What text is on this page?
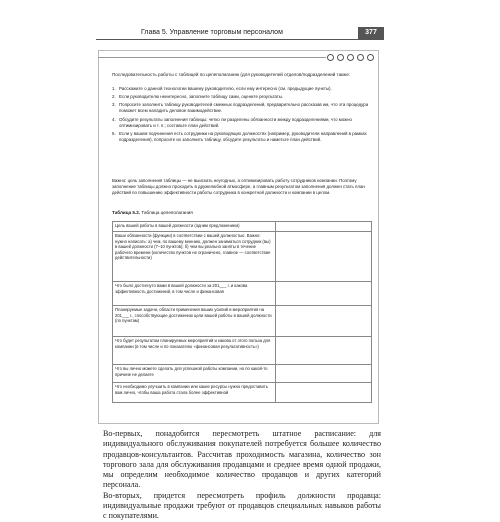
Глава 5. Управление торговым персоналом	377
Последовательность работы с таблицей по целеполаганию (для руководителей отделов/подразделений также:
1. Расскажите о данной технологии вашему руководителю, если ему интересно (см. предыдущие пункты).
2. Если руководителю неинтересно, заполните таблицу сами, оцените результаты.
3. Попросите заполнить таблицу руководителей смежных подразделений, предварительно рассказав им, что эта процедура поможет всем наладить деловое взаимодействие.
4. Обсудите результаты заполнения таблицы: четко ли разделены обязанности между подразделениями, что можно оптимизировать и т. п.; составьте план действий.
5. Если у вашем подчинения есть сотрудники на руководящих должностях (например, руководители направлений в рамках подразделения), попросите их заполнить таблицу, обсудите результаты и наметьте план действий.
Важно: цель заполнения таблицы — не выискать неугодных, а оптимизировать работу сотрудников компании. Поэтому заполнение таблицы должно проходить в дружелюбной атмосфере, а главным результатом заполнения должен стать план действий по повышению эффективности работы сотрудника в конкретной должности и компании в целом.
Таблица 5.2. Таблица целеполагания
Цель вашей работы в вашей должности (одним предложением)	
Ваши обязанности (функции) в соответствии с вашей должностью. Важно: нужно написать: а) чем, по вашему мнению, должен заниматься сотрудник (вы) в вашей должности (7–10 пунктов); б) чем вы реально заняты в течение рабочего времени (количество пунктов не ограничено, главное — соответствие действительности)	
Что было достигнуто вами в вашей должности за 201___ г. и какова эффективность достижений, в том числе и финансовая	
Планируемые задачи, области применения ваших усилий и мероприятия на 201___ г., способствующие достижению цели вашей работы в вашей должности (по пунктам)	
Что будет результатом планируемых мероприятий и какова от этого польза для компании (в том числе и по показателю «финансовая результативность»)	
Что вы лично можете сделать для успешной работы компании, но по какой-то причине не делаете	
Что необходимо улучшить в компании или какие ресурсы нужно предоставить вам лично, чтобы ваша работа стала более эффективной	

Во-первых, понадобится пересмотреть штатное расписание: для индивидуального обслуживания покупателей потребуется большее количество продавцов-консультантов. Рассчитав проходимость магазина, количество зон торгового зала для обслуживания продавцами и среднее время одной продажи, мы определим необходимое количество продавцов и других категорий персонала.

Во-вторых, придется пересмотреть профиль должности продавца: индивидуальные продажи требуют от продавцов специальных навыков работы с покупателями.
